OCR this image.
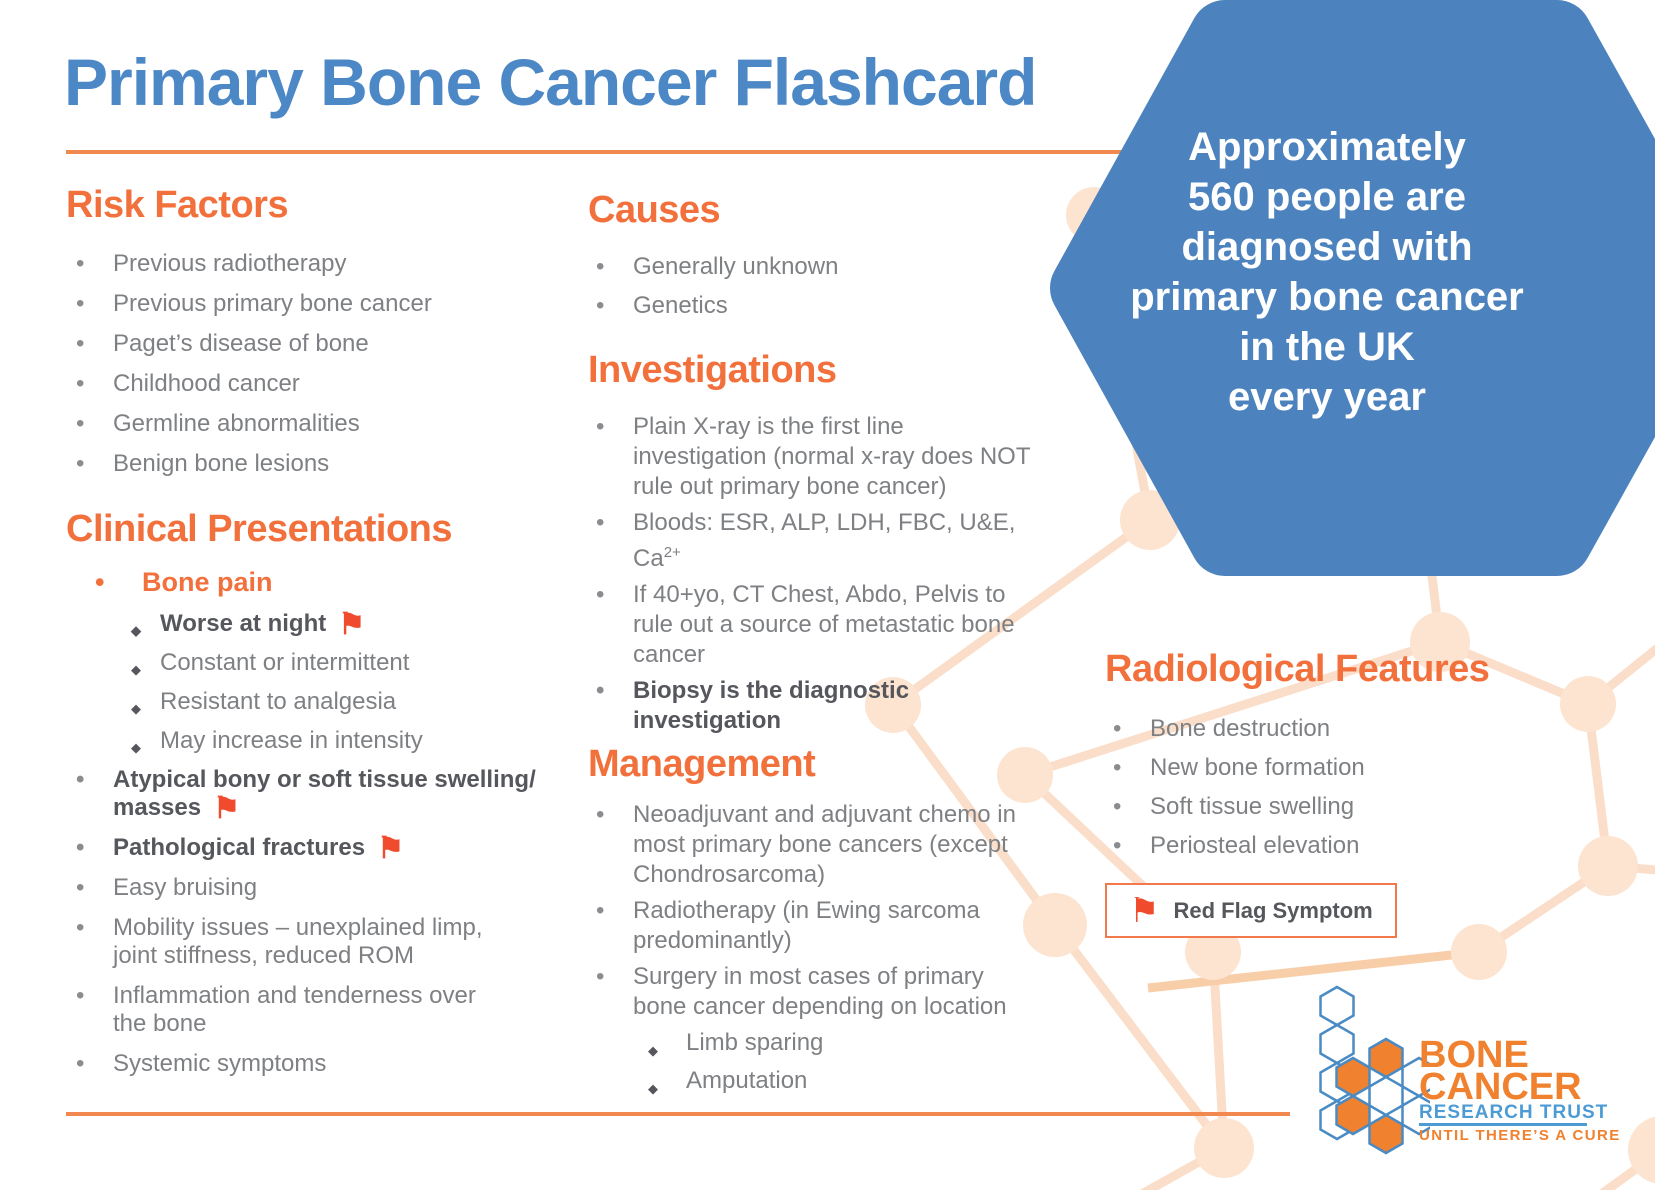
Primary Bone Cancer Flashcard
Approximately
560 people are
diagnosed with
primary bone cancer
in the UK
every year
Risk Factors
• Previous radiotherapy
• Previous primary bone cancer
• Paget’s disease of bone
• Childhood cancer
• Germline abnormalities
• Benign bone lesions
Clinical Presentations
• Bone pain
◆ Worse at night ⚑
◆ Constant or intermittent
◆ Resistant to analgesia
◆ May increase in intensity
• Atypical bony or soft tissue swelling/
masses ⚑
• Pathological fractures ⚑
• Easy bruising
• Mobility issues – unexplained limp,
joint stiffness, reduced ROM
• Inflammation and tenderness over
the bone
• Systemic symptoms
Causes
• Generally unknown
• Genetics
Investigations
• Plain X-ray is the first line
investigation (normal x-ray does NOT
rule out primary bone cancer)
• Bloods: ESR, ALP, LDH, FBC, U&E,
$Ca^{2+}$
• If 40+yo, CT Chest, Abdo, Pelvis to
rule out a source of metastatic bone
cancer
• Biopsy is the diagnostic investigation
Management
• Neoadjuvant and adjuvant chemo in
most primary bone cancers (except
Chondrosarcoma)
• Radiotherapy (in Ewing sarcoma
predominantly)
• Surgery in most cases of primary
bone cancer depending on location
◆ Limb sparing
◆ Amputation
Radiological Features
• Bone destruction
• New bone formation
• Soft tissue swelling
• Periosteal elevation
⚑ Red Flag Symptom
BONE
CANCER
RESEARCH TRUST
UNTIL THERE’S A CURE
